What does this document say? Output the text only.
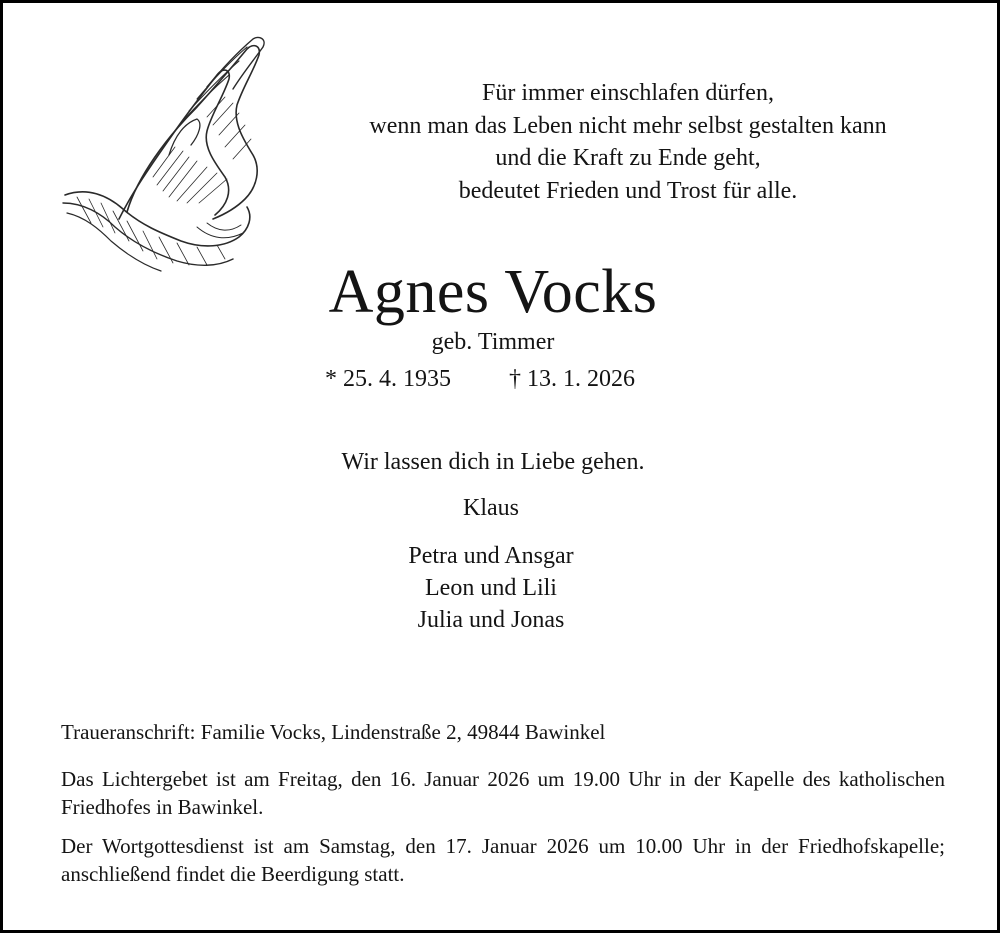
Für immer einschlafen dürfen,
wenn man das Leben nicht mehr selbst gestalten kann
und die Kraft zu Ende geht,
bedeutet Frieden und Trost für alle.
Agnes Vocks
geb. Timmer
* 25. 4. 1935 † 13. 1. 2026
Wir lassen dich in Liebe gehen.
Klaus
Petra und Ansgar
Leon und Lili
Julia und Jonas
Traueranschrift: Familie Vocks, Lindenstraße 2, 49844 Bawinkel
Das Lichtergebet ist am Freitag, den 16. Januar 2026 um 19.00 Uhr in der Kapelle des katholischen Friedhofes in Bawinkel.
Der Wortgottesdienst ist am Samstag, den 17. Januar 2026 um 10.00 Uhr in der Friedhofskapelle; anschließend findet die Beerdigung statt.
